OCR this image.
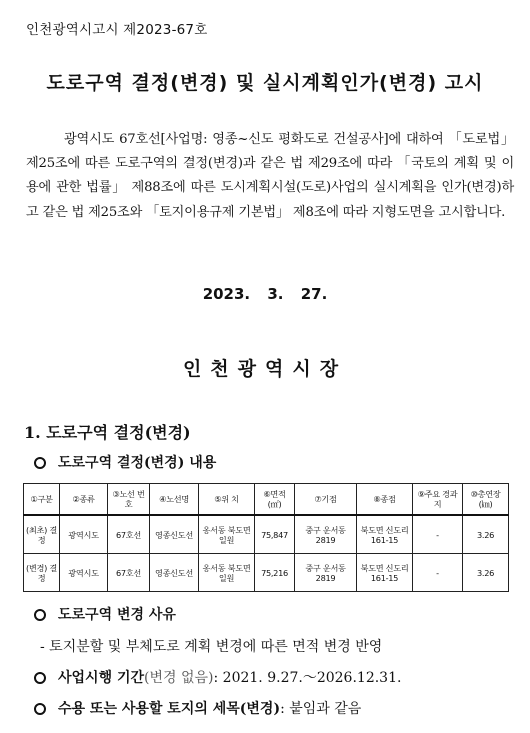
인천광역시고시 제2023-67호
도로구역 결정(변경) 및 실시계획인가(변경) 고시
광역시도 67호선[사업명: 영종~신도 평화도로 건설공사]에 대하여 「도로법」 제25조에 따른 도로구역의 결정(변경)과 같은 법 제29조에 따라 「국토의 계획 및 이용에 관한 법률」 제88조에 따른 도시계획시설(도로)사업의 실시계획을 인가(변경)하고 같은 법 제25조와 「토지이용규제 기본법」 제8조에 따라 지형도면을 고시합니다.
2023. 3. 27.
인천광역시장
1. 도로구역 결정(변경)
도로구역 결정(변경) 내용
①구분	②종류	③노선 번호	④노선명	⑤위 치	⑥면적 (㎡)	⑦기점	⑧종점	⑨주요 경과지	⑩총연장 (㎞)
(최초) 결정	광역시도	67호선	영종신도선	옹서동 북도면 일원	75,847	중구 운서동 2819	북도면 신도리 161-15	-	3.26
(변경) 결정	광역시도	67호선	영종신도선	옹서동 북도면 일원	75,216	중구 운서동 2819	북도면 신도리 161-15	-	3.26
도로구역 변경 사유
- 토지분할 및 부체도로 계획 변경에 따른 면적 변경 반영
사업시행 기간(변경 없음): 2021. 9.27.～2026.12.31.
수용 또는 사용할 토지의 세목(변경): 붙임과 같음
